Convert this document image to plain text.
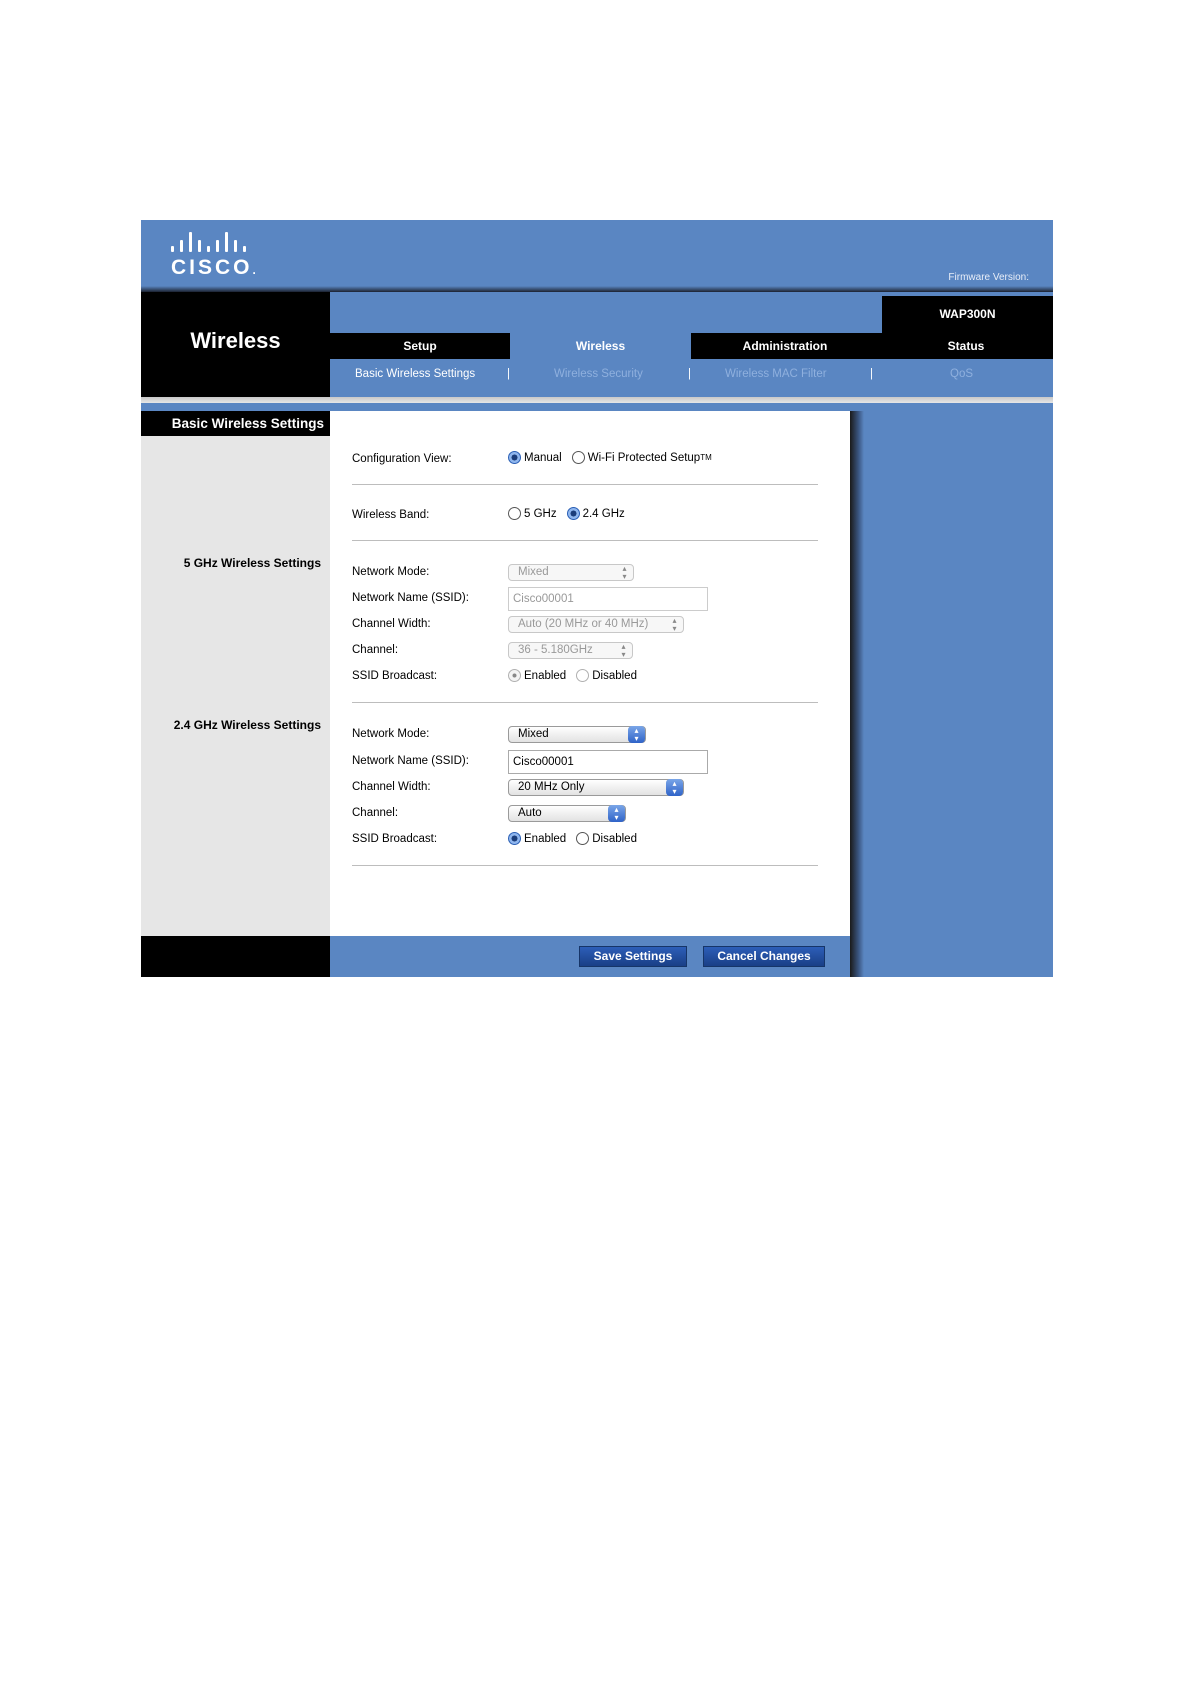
CISCO.
Firmware Version:
Wireless
WAP300N
Setup	Wireless	Administration	Status
Basic Wireless Settings	|	Wireless Security	|	Wireless MAC Filter	|	QoS
Basic Wireless Settings
5 GHz Wireless Settings
2.4 GHz Wireless Settings
Configuration View:	Manual Wi-Fi Protected Setup TM
Wireless Band:	5 GHz 2.4 GHz
Network Mode:	Mixed	▴
▾
Network Name (SSID):	Cisco00001
Channel Width:	Auto (20 MHz or 40 MHz)	▴
▾
Channel:	36 - 5.180GHz	▴
▾
SSID Broadcast:	Enabled Disabled
Network Mode:	Mixed	▴
▾
Network Name (SSID):	Cisco00001
Channel Width:	20 MHz Only	▴
▾
Channel:	Auto	▴
▾
SSID Broadcast:	Enabled Disabled
Save Settings	Cancel Changes
